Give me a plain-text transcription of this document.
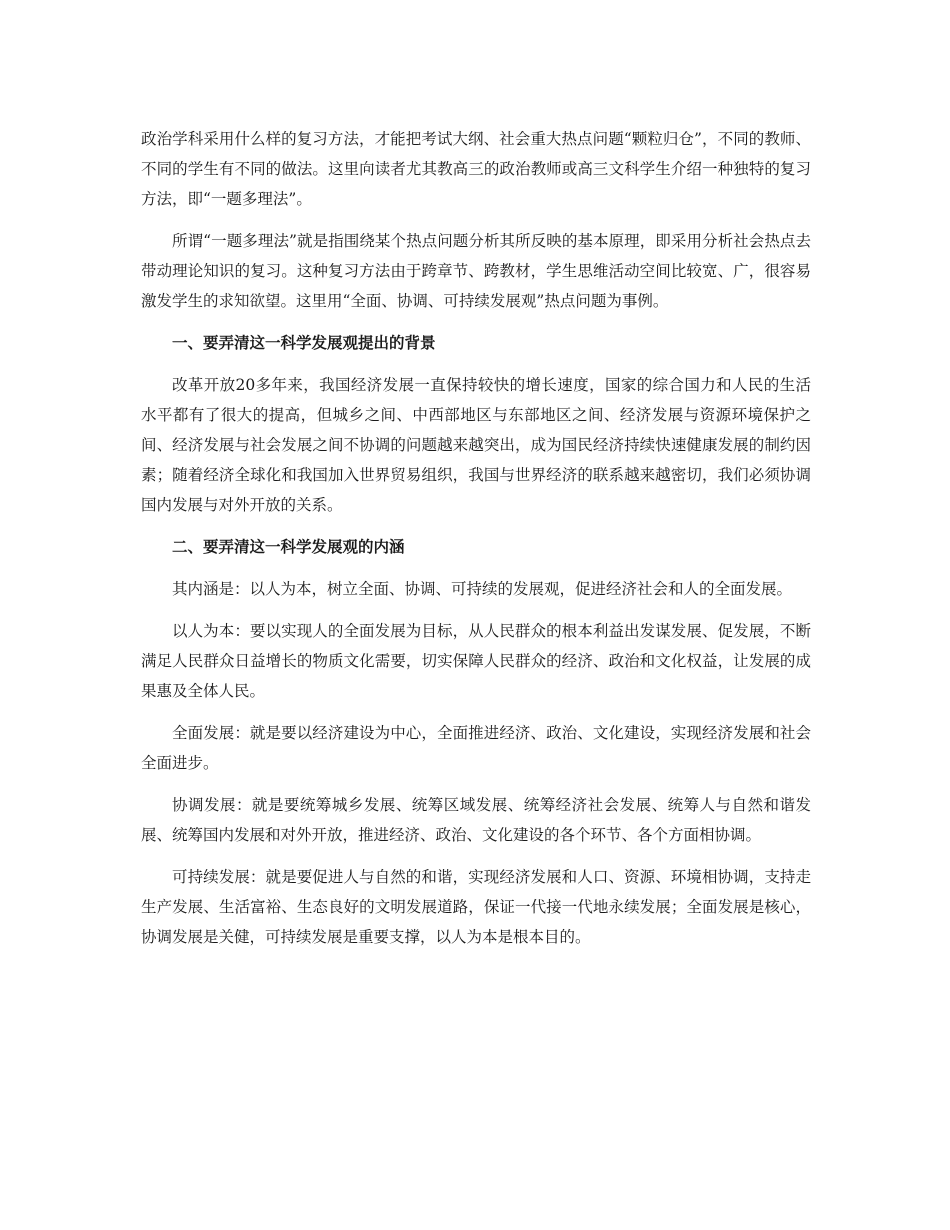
政治学科采用什么样的复习方法，才能把考试大纲、社会重大热点问题“颗粒归仓”，不同的教师、不同的学生有不同的做法。这里向读者尤其教高三的政治教师或高三文科学生介绍一种独特的复习方法，即“一题多理法”。

所谓“一题多理法”就是指围绕某个热点问题分析其所反映的基本原理，即采用分析社会热点去带动理论知识的复习。这种复习方法由于跨章节、跨教材，学生思维活动空间比较宽、广，很容易激发学生的求知欲望。这里用“全面、协调、可持续发展观”热点问题为事例。

一、要弄清这一科学发展观提出的背景

改革开放20多年来，我国经济发展一直保持较快的增长速度，国家的综合国力和人民的生活水平都有了很大的提高，但城乡之间、中西部地区与东部地区之间、经济发展与资源环境保护之间、经济发展与社会发展之间不协调的问题越来越突出，成为国民经济持续快速健康发展的制约因素；随着经济全球化和我国加入世界贸易组织，我国与世界经济的联系越来越密切，我们必须协调国内发展与对外开放的关系。

二、要弄清这一科学发展观的内涵

其内涵是：以人为本，树立全面、协调、可持续的发展观，促进经济社会和人的全面发展。

以人为本：要以实现人的全面发展为目标，从人民群众的根本利益出发谋发展、促发展，不断满足人民群众日益增长的物质文化需要，切实保障人民群众的经济、政治和文化权益，让发展的成果惠及全体人民。

全面发展：就是要以经济建设为中心，全面推进经济、政治、文化建设，实现经济发展和社会全面进步。

协调发展：就是要统筹城乡发展、统筹区域发展、统筹经济社会发展、统筹人与自然和谐发展、统筹国内发展和对外开放，推进经济、政治、文化建设的各个环节、各个方面相协调。

可持续发展：就是要促进人与自然的和谐，实现经济发展和人口、资源、环境相协调，支持走生产发展、生活富裕、生态良好的文明发展道路，保证一代接一代地永续发展；全面发展是核心，协调发展是关健，可持续发展是重要支撑，以人为本是根本目的。
